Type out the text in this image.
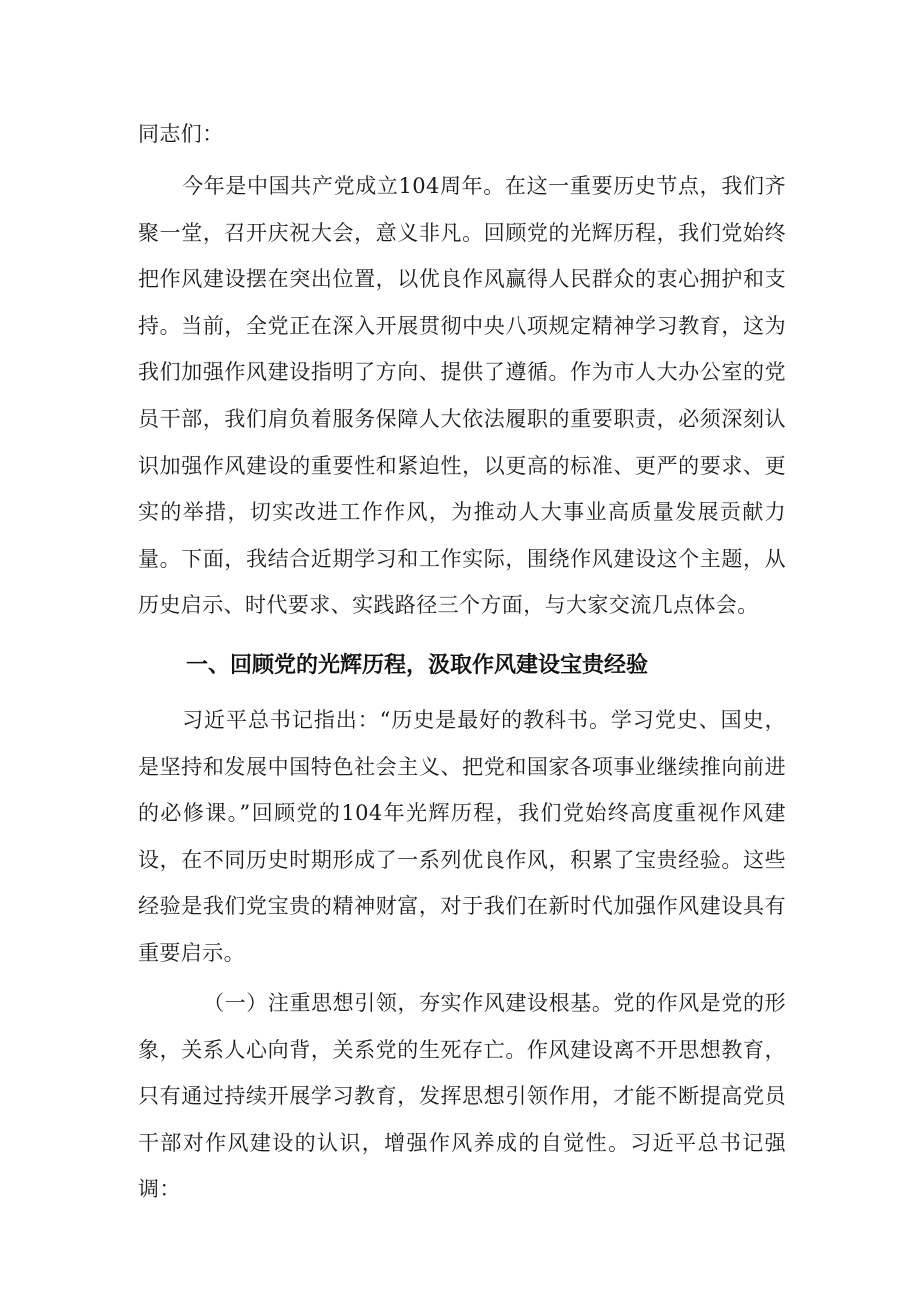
同志们：
今年是中国共产党成立104周年。在这一重要历史节点，我们齐聚一堂，召开庆祝大会，意义非凡。回顾党的光辉历程，我们党始终把作风建设摆在突出位置，以优良作风赢得人民群众的衷心拥护和支持。当前，全党正在深入开展贯彻中央八项规定精神学习教育，这为我们加强作风建设指明了方向、提供了遵循。作为市人大办公室的党员干部，我们肩负着服务保障人大依法履职的重要职责，必须深刻认识加强作风建设的重要性和紧迫性，以更高的标准、更严的要求、更实的举措，切实改进工作作风，为推动人大事业高质量发展贡献力量。下面，我结合近期学习和工作实际，围绕作风建设这个主题，从历史启示、时代要求、实践路径三个方面，与大家交流几点体会。
一、回顾党的光辉历程，汲取作风建设宝贵经验
习近平总书记指出：“历史是最好的教科书。学习党史、国史，是坚持和发展中国特色社会主义、把党和国家各项事业继续推向前进的必修课。”回顾党的104年光辉历程，我们党始终高度重视作风建设，在不同历史时期形成了一系列优良作风，积累了宝贵经验。这些经验是我们党宝贵的精神财富，对于我们在新时代加强作风建设具有重要启示。
（一）注重思想引领，夯实作风建设根基。党的作风是党的形象，关系人心向背，关系党的生死存亡。作风建设离不开思想教育，只有通过持续开展学习教育，发挥思想引领作用，才能不断提高党员干部对作风建设的认识，增强作风养成的自觉性。习近平总书记强调：
